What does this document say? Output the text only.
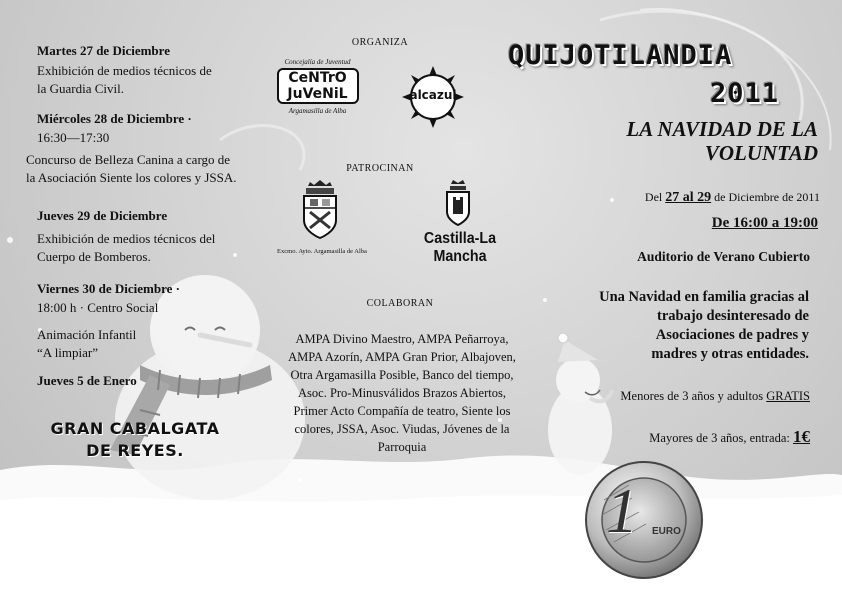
Martes 27 de Diciembre
Exhibición de medios técnicos de
la Guardia Civil.
Miércoles 28 de Diciembre ·
16:30—17:30
Concurso de Belleza Canina a cargo de
la Asociación Siente los colores y JSSA.
Jueves 29 de Diciembre
Exhibición de medios técnicos del
Cuerpo de Bomberos.
Viernes 30 de Diciembre ·
18:00 h · Centro Social
Animación Infantil
“A limpiar”
Jueves 5 de Enero
GRAN CABALGATA
DE REYES.
ORGANIZA
Concejalía de Juventud
CeNTrO
JuVeNiL
Argamasilla de Alba
alcazul
PATROCINAN
Excmo. Ayto. Argamasilla de Alba
Castilla-La Mancha
COLABORAN
AMPA Divino Maestro, AMPA Peñarroya,
AMPA Azorín, AMPA Gran Prior, Albajoven,
Otra Argamasilla Posible, Banco del tiempo,
Asoc. Pro-Minusválidos Brazos Abiertos,
Primer Acto Compañía de teatro, Siente los
colores, JSSA, Asoc. Viudas, Jóvenes de la
Parroquia
QUIJOTILANDIA
2011
LA NAVIDAD DE LA
VOLUNTAD
Del 27 al 29 de Diciembre de 2011
De 16:00 a 19:00
Auditorio de Verano Cubierto
Una Navidad en familia gracias al
trabajo desinteresado de
Asociaciones de padres y
madres y otras entidades.
Menores de 3 años y adultos GRATIS
Mayores de 3 años, entrada: 1€
1 EURO
